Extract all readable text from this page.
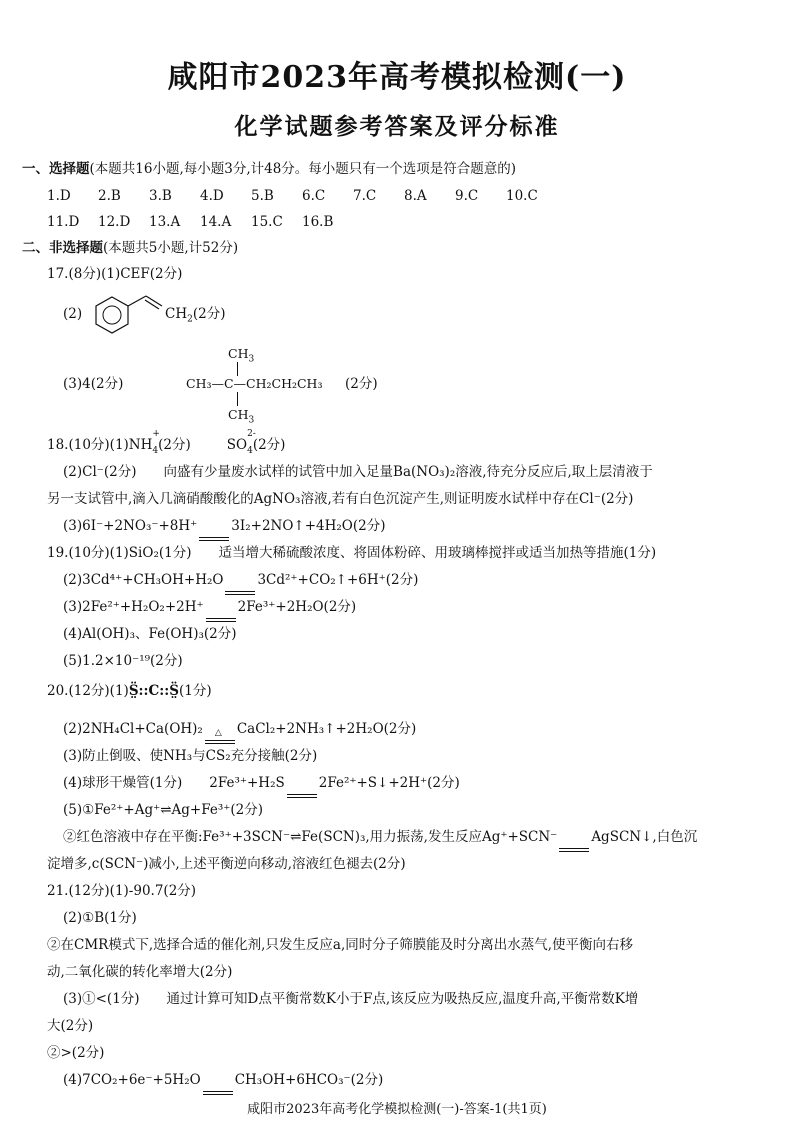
咸阳市2023年高考模拟检测(一)
化学试题参考答案及评分标准
一、选择题(本题共16小题,每小题3分,计48分。每小题只有一个选项是符合题意的)
1.D 2.B 3.B 4.D 5.B 6.C 7.C 8.A 9.C 10.C
11.D 12.D 13.A 14.A 15.C 16.B
二、非选择题(本题共5小题,计52分)
17.(8分)(1)CEF(2分)
(2)	$CH_2(2$分)
(3)4(2分)
$CH_3$
CH₃—C—CH₂CH₂CH₃
$CH_3$
(2分)
18.(10分)(1)NH
$_{+ 4}$(2分)	SO
$_{2- 4}$(2分)
(2)Cl⁻(2分)　　向盛有少量废水试样的试管中加入足量Ba(NO₃)₂溶液,待充分反应后,取上层清液于
另一支试管中,滴入几滴硝酸酸化的AgNO₃溶液,若有白色沉淀产生,则证明废水试样中存在Cl⁻(2分)
(3)6I⁻+2NO₃⁻+8H⁺	3I₂+2NO↑+4H₂O(2分)
19.(10分)(1)SiO₂(1分)　　适当增大稀硫酸浓度、将固体粉碎、用玻璃棒搅拌或适当加热等措施(1分)
(2)3Cd⁴⁺+CH₃OH+H₂O	3Cd²⁺+CO₂↑+6H⁺(2分)
(3)2Fe²⁺+H₂O₂+2H⁺	2Fe³⁺+2H₂O(2分)
(4)Al(OH)₃、Fe(OH)₃(2分)
(5)1.2×10⁻¹⁹(2分)
20.(12分)(1)S̤̈::C::S̤̈(1分)
(2)2NH₄Cl+Ca(OH)₂ △ CaCl₂+2NH₃↑+2H₂O(2分)
(3)防止倒吸、使NH₃与CS₂充分接触(2分)
(4)球形干燥管(1分)　　2Fe³⁺+H₂S	2Fe²⁺+S↓+2H⁺(2分)
(5)①Fe²⁺+Ag⁺⇌Ag+Fe³⁺(2分)
②红色溶液中存在平衡:Fe³⁺+3SCN⁻⇌Fe(SCN)₃,用力振荡,发生反应Ag⁺+SCN⁻	AgSCN↓,白色沉
淀增多,c(SCN⁻)减小,上述平衡逆向移动,溶液红色褪去(2分)
21.(12分)(1)-90.7(2分)
(2)①B(1分)
②在CMR模式下,选择合适的催化剂,只发生反应a,同时分子筛膜能及时分离出水蒸气,使平衡向右移
动,二氧化碳的转化率增大(2分)
(3)①<(1分)　　通过计算可知D点平衡常数K小于F点,该反应为吸热反应,温度升高,平衡常数K增
大(2分)
②>(2分)
(4)7CO₂+6e⁻+5H₂O	CH₃OH+6HCO₃⁻(2分)
咸阳市2023年高考化学模拟检测(一)-答案-1(共1页)
